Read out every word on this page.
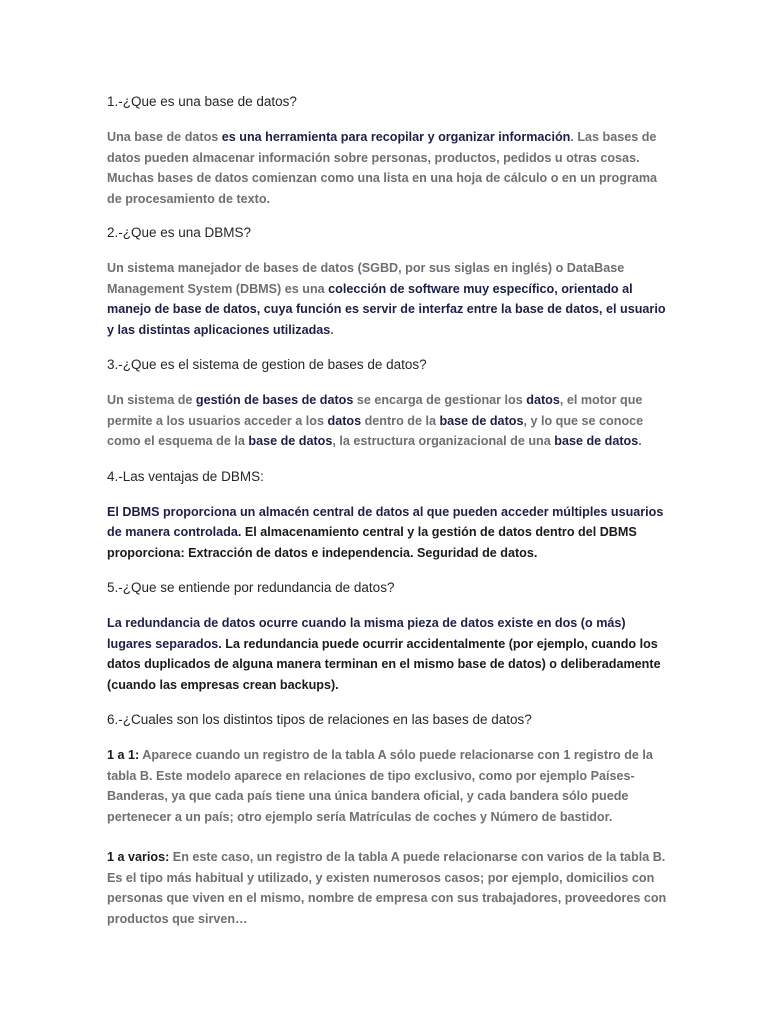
1.-¿Que es una base de datos?

Una base de datos es una herramienta para recopilar y organizar información. Las bases de datos pueden almacenar información sobre personas, productos, pedidos u otras cosas. Muchas bases de datos comienzan como una lista en una hoja de cálculo o en un programa de procesamiento de texto.

2.-¿Que es una DBMS?

Un sistema manejador de bases de datos (SGBD, por sus siglas en inglés) o DataBase Management System (DBMS) es una colección de software muy específico, orientado al manejo de base de datos, cuya función es servir de interfaz entre la base de datos, el usuario y las distintas aplicaciones utilizadas.

3.-¿Que es el sistema de gestion de bases de datos?

Un sistema de gestión de bases de datos se encarga de gestionar los datos, el motor que permite a los usuarios acceder a los datos dentro de la base de datos, y lo que se conoce como el esquema de la base de datos, la estructura organizacional de una base de datos.

4.-Las ventajas de DBMS:

El DBMS proporciona un almacén central de datos al que pueden acceder múltiples usuarios de manera controlada. El almacenamiento central y la gestión de datos dentro del DBMS proporciona: Extracción de datos e independencia. Seguridad de datos.

5.-¿Que se entiende por redundancia de datos?

La redundancia de datos ocurre cuando la misma pieza de datos existe en dos (o más) lugares separados. La redundancia puede ocurrir accidentalmente (por ejemplo, cuando los datos duplicados de alguna manera terminan en el mismo base de datos) o deliberadamente (cuando las empresas crean backups).

6.-¿Cuales son los distintos tipos de relaciones en las bases de datos?

1 a 1: Aparece cuando un registro de la tabla A sólo puede relacionarse con 1 registro de la tabla B. Este modelo aparece en relaciones de tipo exclusivo, como por ejemplo Países-Banderas, ya que cada país tiene una única bandera oficial, y cada bandera sólo puede pertenecer a un país; otro ejemplo sería Matrículas de coches y Número de bastidor.

1 a varios: En este caso, un registro de la tabla A puede relacionarse con varios de la tabla B. Es el tipo más habitual y utilizado, y existen numerosos casos; por ejemplo, domicilios con personas que viven en el mismo, nombre de empresa con sus trabajadores, proveedores con productos que sirven…
